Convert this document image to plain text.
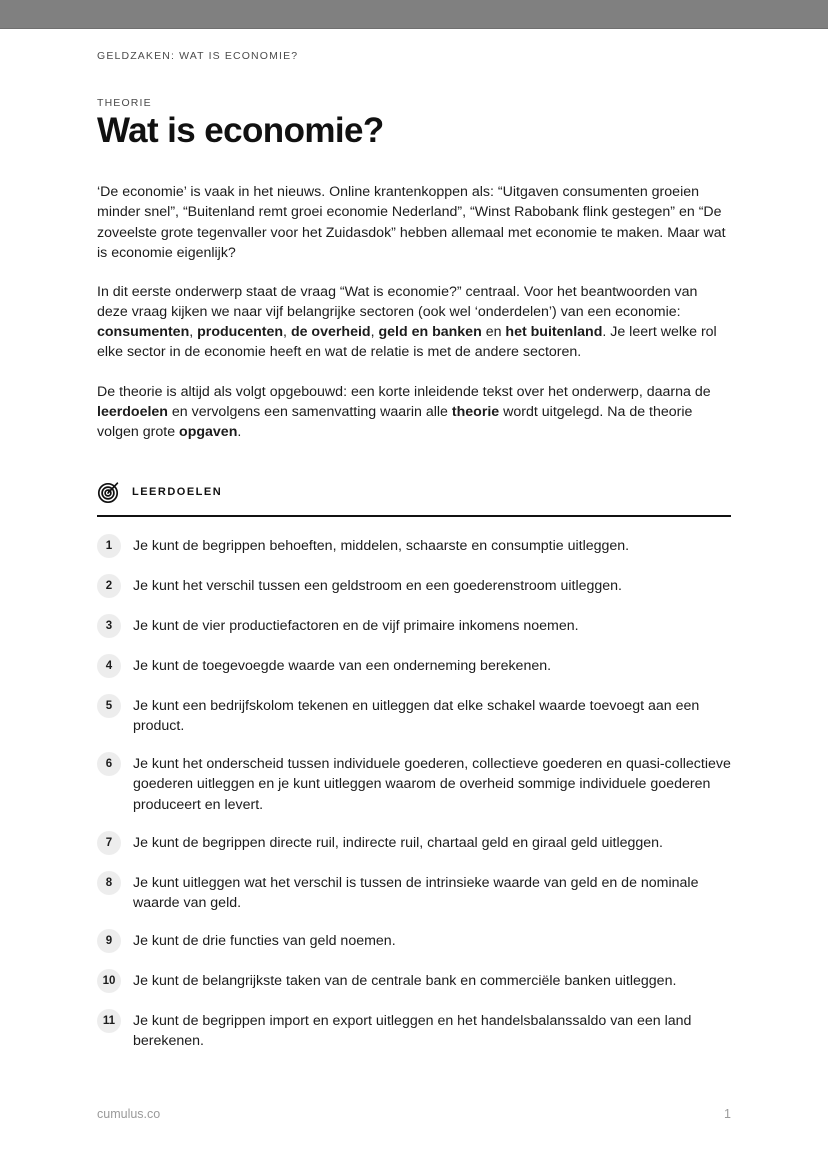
GELDZAKEN: WAT IS ECONOMIE?
THEORIE
Wat is economie?

‘De economie’ is vaak in het nieuws. Online krantenkoppen als: “Uitgaven consumenten groeien minder snel”, “Buitenland remt groei economie Nederland”, “Winst Rabobank flink gestegen” en “De zoveelste grote tegenvaller voor het Zuidasdok” hebben allemaal met economie te maken. Maar wat is economie eigenlijk?

In dit eerste onderwerp staat de vraag “Wat is economie?” centraal. Voor het beantwoorden van deze vraag kijken we naar vijf belangrijke sectoren (ook wel ‘onderdelen’) van een economie: consumenten, producenten, de overheid, geld en banken en het buitenland. Je leert welke rol elke sector in de economie heeft en wat de relatie is met de andere sectoren.

De theorie is altijd als volgt opgebouwd: een korte inleidende tekst over het onderwerp, daarna de leerdoelen en vervolgens een samenvatting waarin alle theorie wordt uitgelegd. Na de theorie volgen grote opgaven.

LEERDOELEN
1	Je kunt de begrippen behoeften, middelen, schaarste en consumptie uitleggen.
2	Je kunt het verschil tussen een geldstroom en een goederenstroom uitleggen.
3	Je kunt de vier productiefactoren en de vijf primaire inkomens noemen.
4	Je kunt de toegevoegde waarde van een onderneming berekenen.
5	Je kunt een bedrijfskolom tekenen en uitleggen dat elke schakel waarde toevoegt aan een product.
6	Je kunt het onderscheid tussen individuele goederen, collectieve goederen en quasi-collectieve goederen uitleggen en je kunt uitleggen waarom de overheid sommige individuele goederen produceert en levert.
7	Je kunt de begrippen directe ruil, indirecte ruil, chartaal geld en giraal geld uitleggen.
8	Je kunt uitleggen wat het verschil is tussen de intrinsieke waarde van geld en de nominale waarde van geld.
9	Je kunt de drie functies van geld noemen.
10	Je kunt de belangrijkste taken van de centrale bank en commerciële banken uitleggen.
11	Je kunt de begrippen import en export uitleggen en het handelsbalanssaldo van een land berekenen.
cumulus.co	1
